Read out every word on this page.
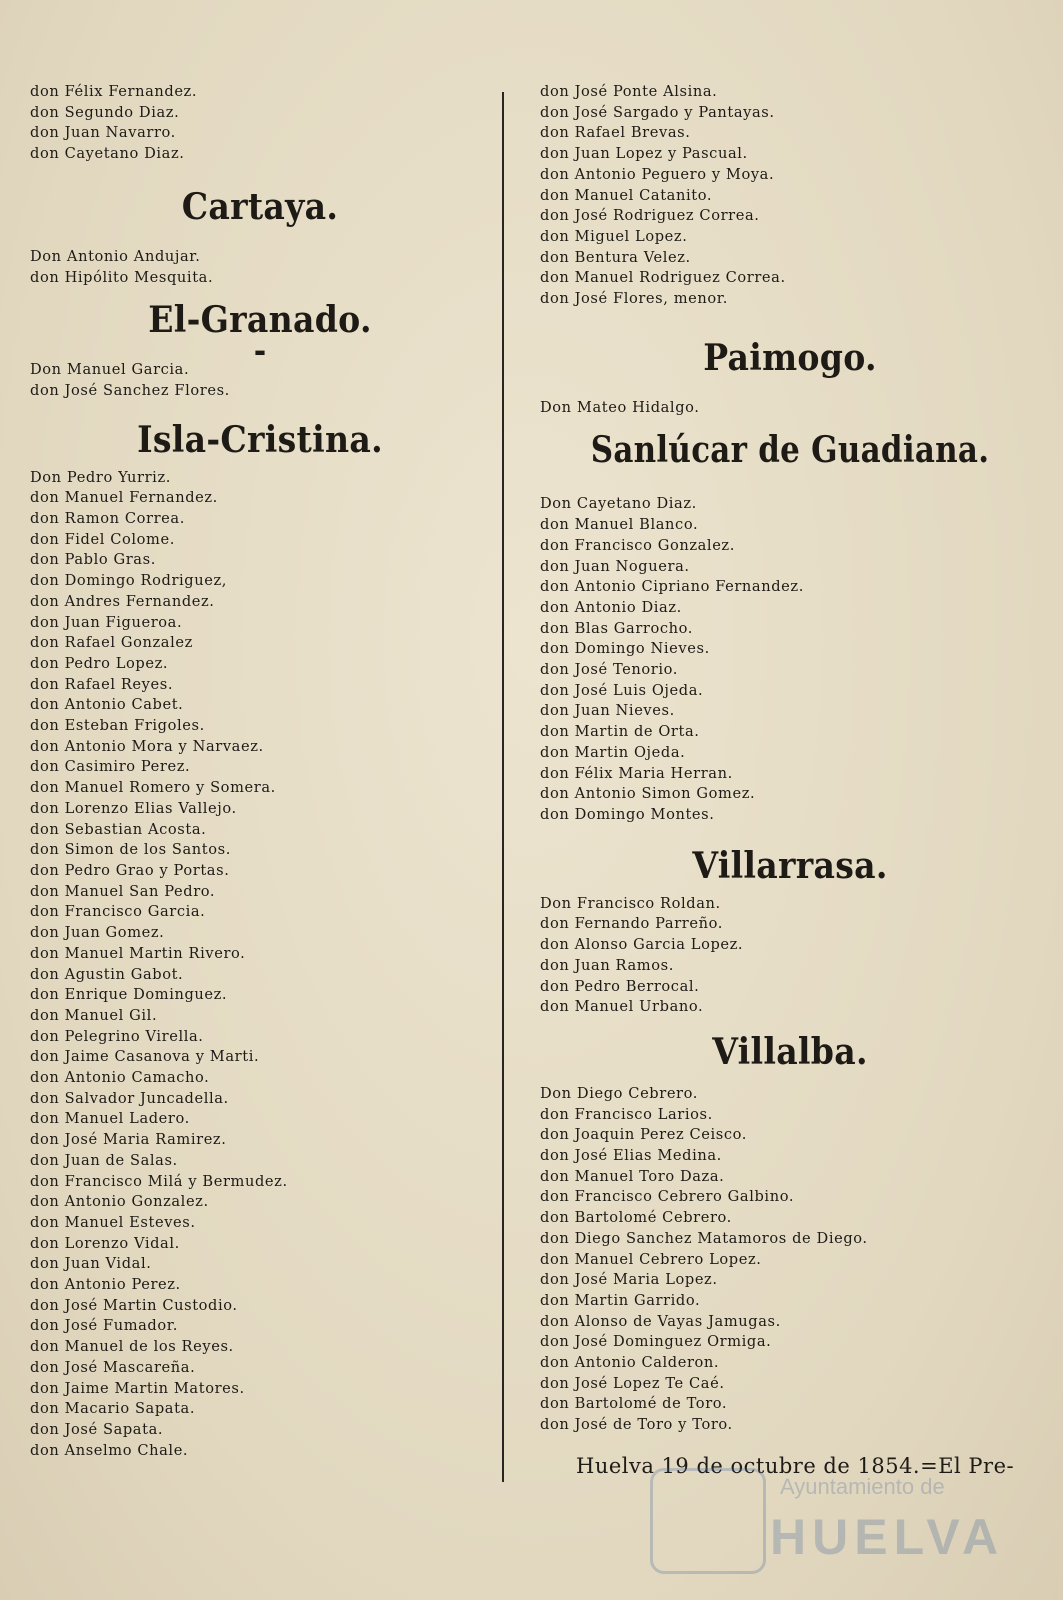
don Félix Fernandez.

don Segundo Diaz.

don Juan Navarro.

don Cayetano Diaz.

Cartaya.

Don Antonio Andujar.

don Hipólito Mesquita.

El-Granado.
▬

Don Manuel Garcia.

don José Sanchez Flores.

Isla-Cristina.

Don Pedro Yurriz.

don Manuel Fernandez.

don Ramon Correa.

don Fidel Colome.

don Pablo Gras.

don Domingo Rodriguez,

don Andres Fernandez.

don Juan Figueroa.

don Rafael Gonzalez

don Pedro Lopez.

don Rafael Reyes.

don Antonio Cabet.

don Esteban Frigoles.

don Antonio Mora y Narvaez.

don Casimiro Perez.

don Manuel Romero y Somera.

don Lorenzo Elias Vallejo.

don Sebastian Acosta.

don Simon de los Santos.

don Pedro Grao y Portas.

don Manuel San Pedro.

don Francisco Garcia.

don Juan Gomez.

don Manuel Martin Rivero.

don Agustin Gabot.

don Enrique Dominguez.

don Manuel Gil.

don Pelegrino Virella.

don Jaime Casanova y Marti.

don Antonio Camacho.

don Salvador Juncadella.

don Manuel Ladero.

don José Maria Ramirez.

don Juan de Salas.

don Francisco Milá y Bermudez.

don Antonio Gonzalez.

don Manuel Esteves.

don Lorenzo Vidal.

don Juan Vidal.

don Antonio Perez.

don José Martin Custodio.

don José Fumador.

don Manuel de los Reyes.

don José Mascareña.

don Jaime Martin Matores.

don Macario Sapata.

don José Sapata.

don Anselmo Chale.

don José Ponte Alsina.

don José Sargado y Pantayas.

don Rafael Brevas.

don Juan Lopez y Pascual.

don Antonio Peguero y Moya.

don Manuel Catanito.

don José Rodriguez Correa.

don Miguel Lopez.

don Bentura Velez.

don Manuel Rodriguez Correa.

don José Flores, menor.

Paimogo.

Don Mateo Hidalgo.

Sanlúcar de Guadiana.

Don Cayetano Diaz.

don Manuel Blanco.

don Francisco Gonzalez.

don Juan Noguera.

don Antonio Cipriano Fernandez.

don Antonio Diaz.

don Blas Garrocho.

don Domingo Nieves.

don José Tenorio.

don José Luis Ojeda.

don Juan Nieves.

don Martin de Orta.

don Martin Ojeda.

don Félix Maria Herran.

don Antonio Simon Gomez.

don Domingo Montes.

Villarrasa.

Don Francisco Roldan.

don Fernando Parreño.

don Alonso Garcia Lopez.

don Juan Ramos.

don Pedro Berrocal.

don Manuel Urbano.

Villalba.

Don Diego Cebrero.

don Francisco Larios.

don Joaquin Perez Ceisco.

don José Elias Medina.

don Manuel Toro Daza.

don Francisco Cebrero Galbino.

don Bartolomé Cebrero.

don Diego Sanchez Matamoros de Diego.

don Manuel Cebrero Lopez.

don José Maria Lopez.

don Martin Garrido.

don Alonso de Vayas Jamugas.

don José Dominguez Ormiga.

don Antonio Calderon.

don José Lopez Te Caé.

don Bartolomé de Toro.

don José de Toro y Toro.

Huelva 19 de octubre de 1854.=El Pre-

Ayuntamiento de
HUELVA
